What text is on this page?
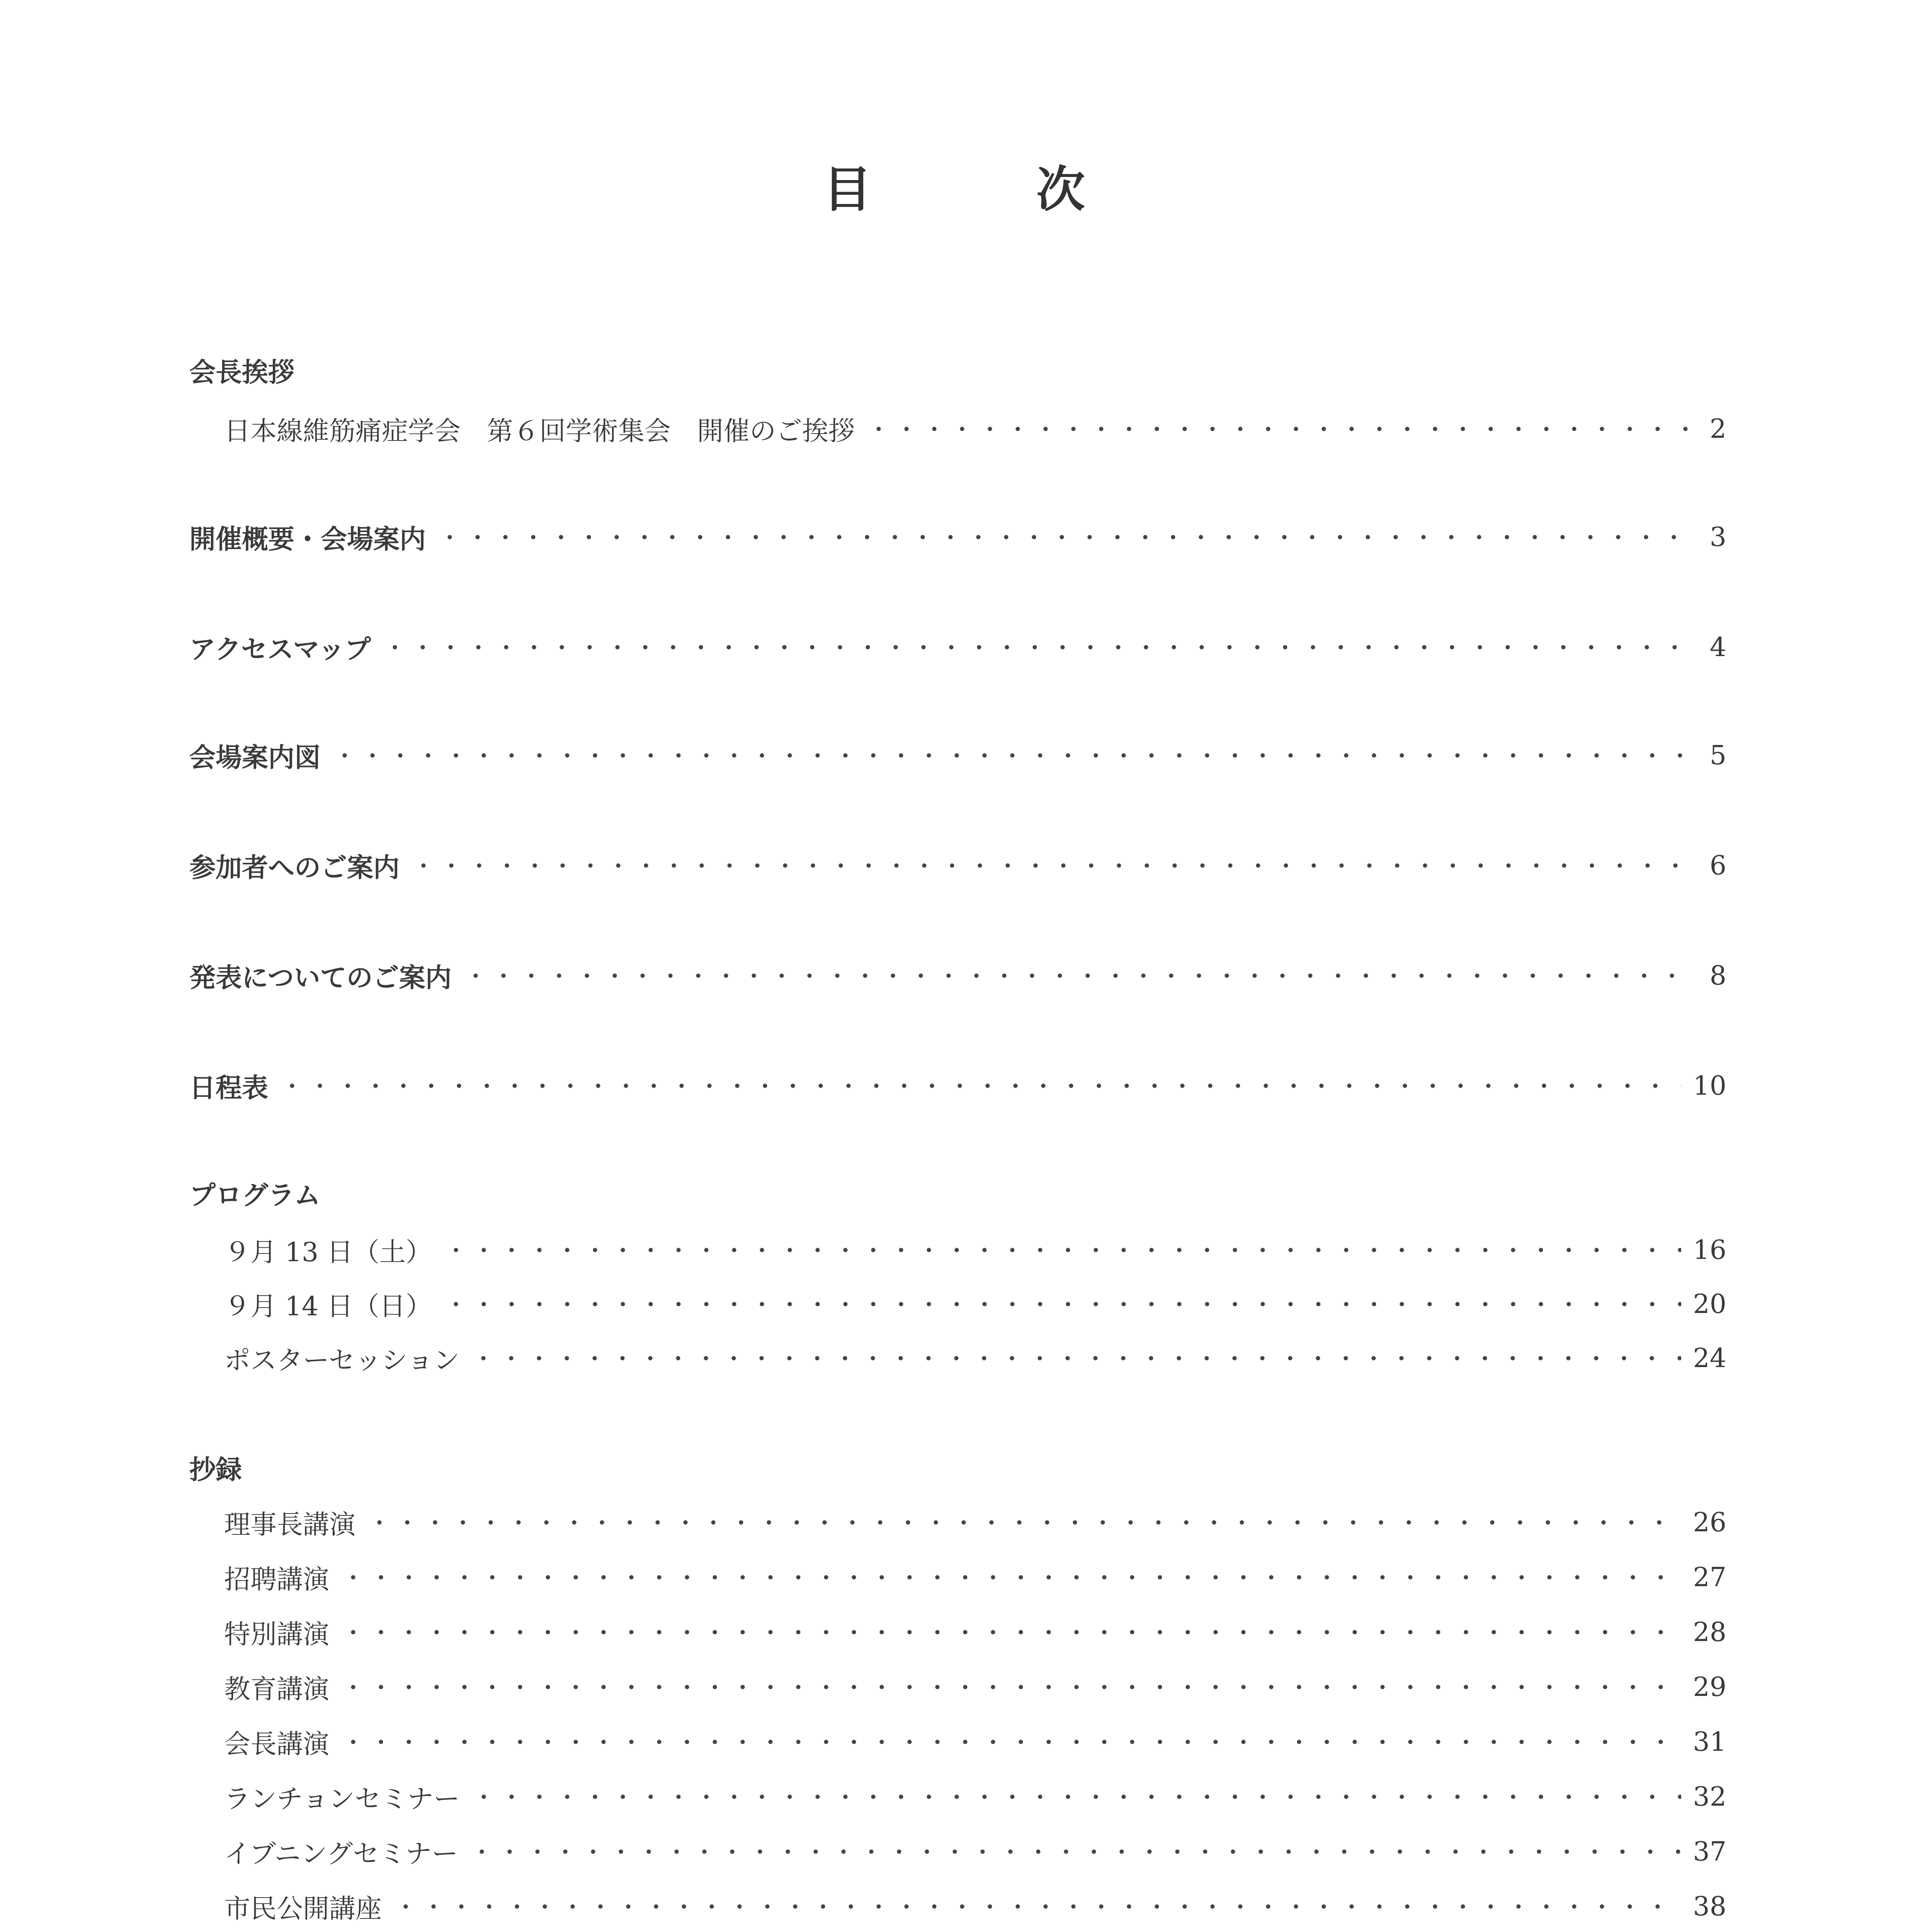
目　次
会長挨拶
日本線維筋痛症学会　第６回学術集会　開催のご挨拶	2
開催概要・会場案内	3
アクセスマップ	4
会場案内図	5
参加者へのご案内	6
発表についてのご案内	8
日程表	10
プログラム
９月 13 日（土）	16
９月 14 日（日）	20
ポスターセッション	24
抄録
理事長講演	26
招聘講演	27
特別講演	28
教育講演	29
会長講演	31
ランチョンセミナー	32
イブニングセミナー	37
市民公開講座	38
